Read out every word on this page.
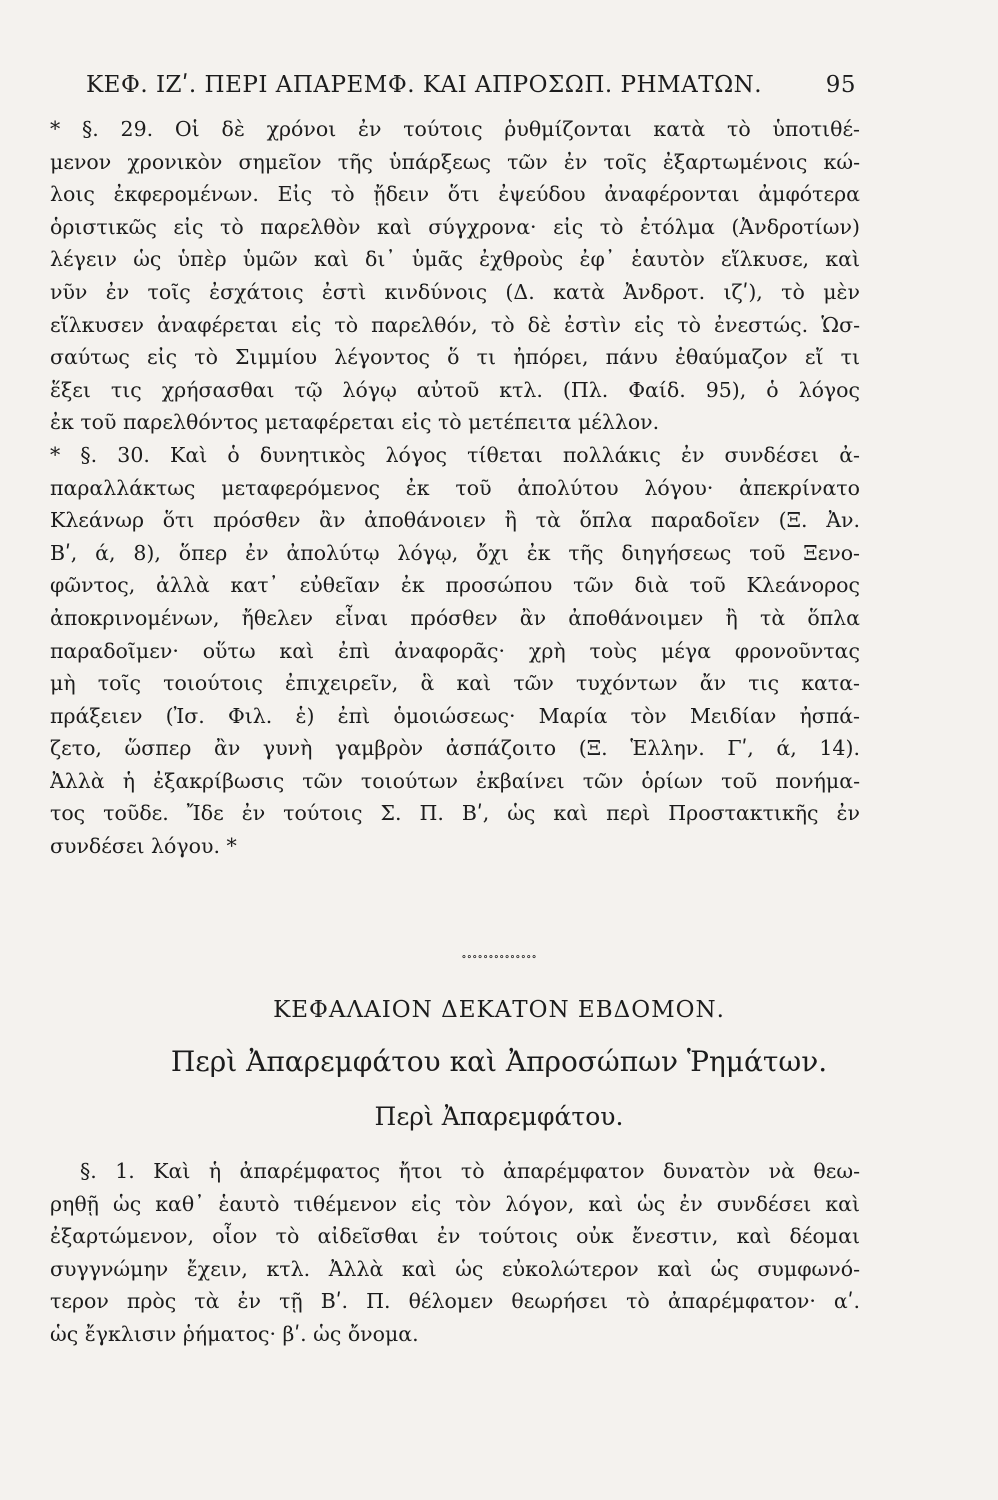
ΚΕΦ. ΙΖʹ. ΠΕΡΙ ΑΠΑΡΕΜΦ. ΚΑΙ ΑΠΡΟΣΩΠ. ΡΗΜΑΤΩΝ.	95
* §. 29. Οἱ δὲ χρόνοι ἐν τούτοις ῥυθμίζονται κατὰ τὸ ὑποτιθέ-
μενον χρονικὸν σημεῖον τῆς ὑπάρξεως τῶν ἐν τοῖς ἐξαρτωμένοις κώ-
λοις ἐκφερομένων. Εἰς τὸ ᾔδειν ὅτι ἐψεύδου ἀναφέρονται ἀμφότερα
ὁριστικῶς εἰς τὸ παρελθὸν καὶ σύγχρονα· εἰς τὸ ἐτόλμα (Ἀνδροτίων)
λέγειν ὡς ὑπὲρ ὑμῶν καὶ δι᾿ ὑμᾶς ἐχθροὺς ἐφ᾿ ἑαυτὸν εἵλκυσε, καὶ
νῦν ἐν τοῖς ἐσχάτοις ἐστὶ κινδύνοις (Δ. κατὰ Ἀνδροτ. ιζʹ), τὸ μὲν
εἵλκυσεν ἀναφέρεται εἰς τὸ παρελθόν, τὸ δὲ ἐστὶν εἰς τὸ ἐνεστώς. Ὡσ-
σαύτως εἰς τὸ Σιμμίου λέγοντος ὅ τι ἠπόρει, πάνυ ἐθαύμαζον εἴ τι
ἕξει τις χρήσασθαι τῷ λόγῳ αὐτοῦ κτλ. (Πλ. Φαίδ. 95), ὁ λόγος
ἐκ τοῦ παρελθόντος μεταφέρεται εἰς τὸ μετέπειτα μέλλον.
* §. 30. Καὶ ὁ δυνητικὸς λόγος τίθεται πολλάκις ἐν συνδέσει ἀ-
παραλλάκτως μεταφερόμενος ἐκ τοῦ ἀπολύτου λόγου· ἀπεκρίνατο
Κλεάνωρ ὅτι πρόσθεν ἂν ἀποθάνοιεν ἢ τὰ ὅπλα παραδοῖεν (Ξ. Ἀν.
Βʹ, ά, 8), ὅπερ ἐν ἀπολύτῳ λόγῳ, ὄχι ἐκ τῆς διηγήσεως τοῦ Ξενο-
φῶντος, ἀλλὰ κατ᾿ εὐθεῖαν ἐκ προσώπου τῶν διὰ τοῦ Κλεάνορος
ἀποκρινομένων, ἤθελεν εἶναι πρόσθεν ἂν ἀποθάνοιμεν ἢ τὰ ὅπλα
παραδοῖμεν· οὕτω καὶ ἐπὶ ἀναφορᾶς· χρὴ τοὺς μέγα φρονοῦντας
μὴ τοῖς τοιούτοις ἐπιχειρεῖν, ἃ καὶ τῶν τυχόντων ἄν τις κατα-
πράξειεν (Ἰσ. Φιλ. ἑ) ἐπὶ ὁμοιώσεως· Μαρία τὸν Μειδίαν ἠσπά-
ζετο, ὥσπερ ἂν γυνὴ γαμβρὸν ἀσπάζοιτο (Ξ. Ἑλλην. Γʹ, ά, 14).
Ἀλλὰ ἡ ἐξακρίβωσις τῶν τοιούτων ἐκβαίνει τῶν ὁρίων τοῦ πονήμα-
τος τοῦδε. Ἴδε ἐν τούτοις Σ. Π. Βʹ, ὡς καὶ περὶ Προστακτικῆς ἐν
συνδέσει λόγου. *
∘∘∘∘∘∘∘∘∘∘∘∘∘∘
ΚΕΦΑΛΑΙΟΝ ΔΕΚΑΤΟΝ ΕΒΔΟΜΟΝ.
Περὶ Ἀπαρεμφάτου καὶ Ἀπροσώπων Ῥημάτων.
Περὶ Ἀπαρεμφάτου.
§. 1. Καὶ ἡ ἀπαρέμφατος ἤτοι τὸ ἀπαρέμφατον δυνατὸν νὰ θεω-
ρηθῇ ὡς καθ᾿ ἑαυτὸ τιθέμενον εἰς τὸν λόγον, καὶ ὡς ἐν συνδέσει καὶ
ἐξαρτώμενον, οἷον τὸ αἰδεῖσθαι ἐν τούτοις οὐκ ἔνεστιν, καὶ δέομαι
συγγνώμην ἔχειν, κτλ. Ἀλλὰ καὶ ὡς εὐκολώτερον καὶ ὡς συμφωνό-
τερον πρὸς τὰ ἐν τῇ Βʹ. Π. θέλομεν θεωρήσει τὸ ἀπαρέμφατον· αʹ.
ὡς ἔγκλισιν ῥήματος· βʹ. ὡς ὄνομα.
